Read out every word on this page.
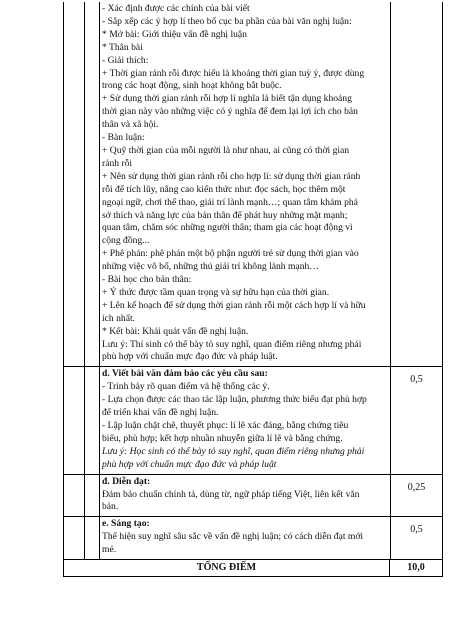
- Xác định được các chính của bài viết
- Sắp xếp các ý hợp lí theo bố cục ba phần của bài văn nghị luận:
* Mở bài: Giới thiệu vấn đề nghị luận
* Thân bài
- Giải thích:
+ Thời gian rảnh rỗi được hiểu là khoảng thời gian tuỳ ý, được dùng
trong các hoạt động, sinh hoạt không bắt buộc.
+ Sử dụng thời gian rảnh rỗi hợp lí nghĩa là biết tận dụng khoảng
thời gian này vào những việc có ý nghĩa để đem lại lợi ích cho bản
thân và xã hội.
- Bàn luận:
+ Quỹ thời gian của mỗi người là như nhau, ai cũng có thời gian
rảnh rỗi
+ Nên sử dụng thời gian rảnh rỗi cho hợp lí: sử dụng thời gian rảnh
rỗi để tích lũy, nâng cao kiến thức như: đọc sách, học thêm một
ngoại ngữ, chơi thể thao, giải trí lành mạnh…; quan tâm khám phá
sở thích và năng lực của bản thân để phát huy những mặt mạnh;
quan tâm, chăm sóc những người thân; tham gia các hoạt động vì
cộng đồng...
+ Phê phán: phê phán một bộ phận người trẻ sử dụng thời gian vào
những việc vô bổ, những thú giải trí không lành mạnh…
- Bài học cho bản thân:
+ Ý thức được tầm quan trọng và sự hữu hạn của thời gian.
+ Lên kế hoạch để sử dụng thời gian rảnh rỗi một cách hợp lí và hữu
ích nhất.
* Kết bài: Khái quát vấn đề nghị luận.
Lưu ý: Thí sinh có thể bày tỏ suy nghĩ, quan điểm riêng nhưng phải
phù hợp với chuẩn mực đạo đức và pháp luật.
d. Viết bài văn đảm bảo các yêu cầu sau:
- Trình bày rõ quan điểm và hệ thống các ý.
- Lựa chọn được các thao tác lập luận, phương thức biểu đạt phù hợp
để triển khai vấn đề nghị luận.
- Lập luận chặt chẽ, thuyết phục: lí lẽ xác đáng, bằng chứng tiêu
biểu, phù hợp; kết hợp nhuần nhuyễn giữa lí lẽ và bằng chứng.
Lưu ý: Học sinh có thể bày tỏ suy nghĩ, quan điểm riêng nhưng phải
phù hợp với chuẩn mực đạo đức và pháp luật
0,5
đ. Diễn đạt:
Đảm bảo chuẩn chính tả, dùng từ, ngữ pháp tiếng Việt, liên kết văn
bản.
0,25
e. Sáng tạo:
Thể hiện suy nghĩ sâu sắc về vấn đề nghị luận; có cách diễn đạt mới
mẻ.
0,5
TỔNG ĐIỂM	10,0
